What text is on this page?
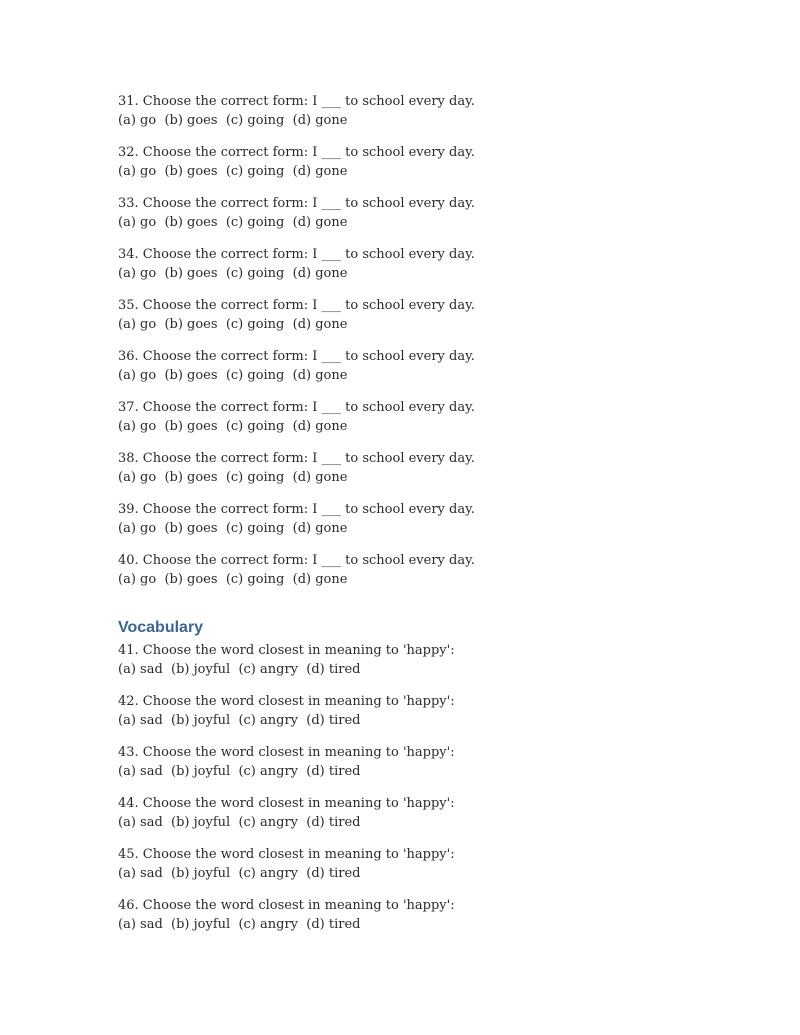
31. Choose the correct form: I ___ to school every day.
(a) go  (b) goes  (c) going  (d) gone
32. Choose the correct form: I ___ to school every day.
(a) go  (b) goes  (c) going  (d) gone
33. Choose the correct form: I ___ to school every day.
(a) go  (b) goes  (c) going  (d) gone
34. Choose the correct form: I ___ to school every day.
(a) go  (b) goes  (c) going  (d) gone
35. Choose the correct form: I ___ to school every day.
(a) go  (b) goes  (c) going  (d) gone
36. Choose the correct form: I ___ to school every day.
(a) go  (b) goes  (c) going  (d) gone
37. Choose the correct form: I ___ to school every day.
(a) go  (b) goes  (c) going  (d) gone
38. Choose the correct form: I ___ to school every day.
(a) go  (b) goes  (c) going  (d) gone
39. Choose the correct form: I ___ to school every day.
(a) go  (b) goes  (c) going  (d) gone
40. Choose the correct form: I ___ to school every day.
(a) go  (b) goes  (c) going  (d) gone
Vocabulary
41. Choose the word closest in meaning to 'happy':
(a) sad  (b) joyful  (c) angry  (d) tired
42. Choose the word closest in meaning to 'happy':
(a) sad  (b) joyful  (c) angry  (d) tired
43. Choose the word closest in meaning to 'happy':
(a) sad  (b) joyful  (c) angry  (d) tired
44. Choose the word closest in meaning to 'happy':
(a) sad  (b) joyful  (c) angry  (d) tired
45. Choose the word closest in meaning to 'happy':
(a) sad  (b) joyful  (c) angry  (d) tired
46. Choose the word closest in meaning to 'happy':
(a) sad  (b) joyful  (c) angry  (d) tired
